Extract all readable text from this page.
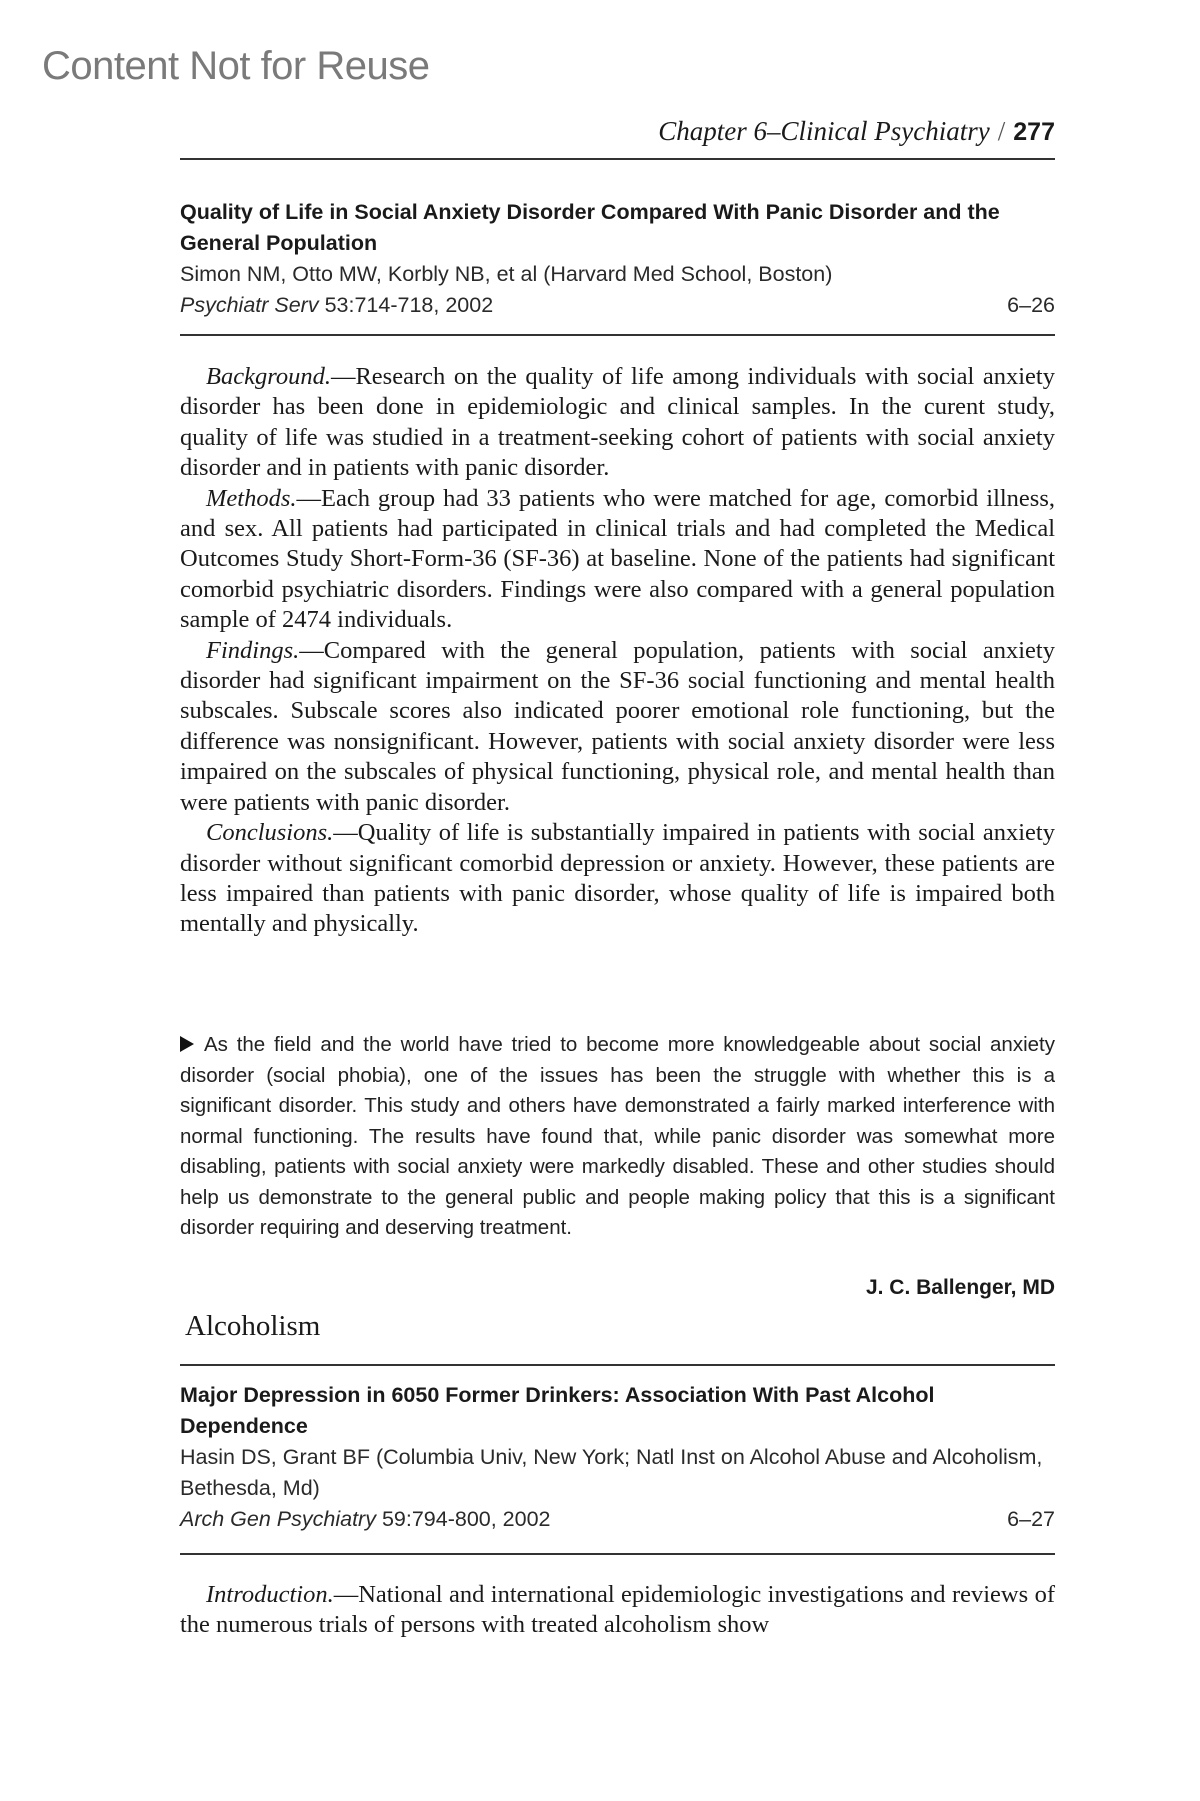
Content Not for Reuse
Chapter 6–Clinical Psychiatry / 277
Quality of Life in Social Anxiety Disorder Compared With Panic Disorder and the General Population
Simon NM, Otto MW, Korbly NB, et al (Harvard Med School, Boston)
Psychiatr Serv 53:714-718, 2002	6–26

Background.—Research on the quality of life among individuals with social anxiety disorder has been done in epidemiologic and clinical samples. In the curent study, quality of life was studied in a treatment-seeking cohort of patients with social anxiety disorder and in patients with panic disorder.

Methods.—Each group had 33 patients who were matched for age, comorbid illness, and sex. All patients had participated in clinical trials and had completed the Medical Outcomes Study Short-Form-36 (SF-36) at baseline. None of the patients had significant comorbid psychiatric disorders. Findings were also compared with a general population sample of 2474 individuals.

Findings.—Compared with the general population, patients with social anxiety disorder had significant impairment on the SF-36 social functioning and mental health subscales. Subscale scores also indicated poorer emotional role functioning, but the difference was nonsignificant. However, patients with social anxiety disorder were less impaired on the subscales of physical functioning, physical role, and mental health than were patients with panic disorder.

Conclusions.—Quality of life is substantially impaired in patients with social anxiety disorder without significant comorbid depression or anxiety. However, these patients are less impaired than patients with panic disorder, whose quality of life is impaired both mentally and physically.

As the field and the world have tried to become more knowledgeable about social anxiety disorder (social phobia), one of the issues has been the struggle with whether this is a significant disorder. This study and others have demonstrated a fairly marked interference with normal functioning. The results have found that, while panic disorder was somewhat more disabling, patients with social anxiety were markedly disabled. These and other studies should help us demonstrate to the general public and people making policy that this is a significant disorder requiring and deserving treatment.
J. C. Ballenger, MD
Alcoholism
Major Depression in 6050 Former Drinkers: Association With Past Alcohol Dependence
Hasin DS, Grant BF (Columbia Univ, New York; Natl Inst on Alcohol Abuse and Alcoholism, Bethesda, Md)
Arch Gen Psychiatry 59:794-800, 2002	6–27

Introduction.—National and international epidemiologic investigations and reviews of the numerous trials of persons with treated alcoholism show
